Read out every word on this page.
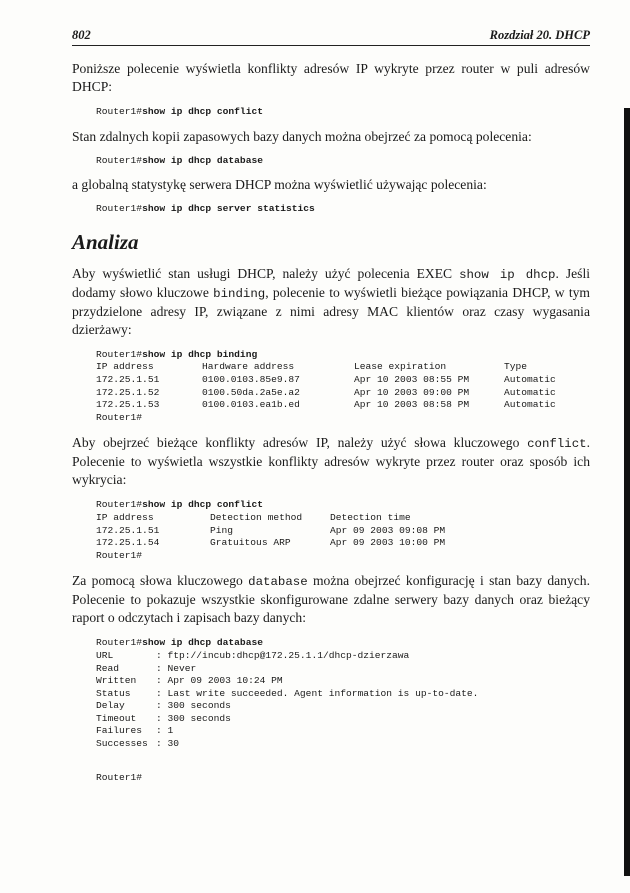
802	Rozdział 20. DHCP

Poniższe polecenie wyświetla konflikty adresów IP wykryte przez router w puli adresów DHCP:

Router1#show ip dhcp conflict

Stan zdalnych kopii zapasowych bazy danych można obejrzeć za pomocą polecenia:

Router1#show ip dhcp database

a globalną statystykę serwera DHCP można wyświetlić używając polecenia:

Router1#show ip dhcp server statistics
Analiza

Aby wyświetlić stan usługi DHCP, należy użyć polecenia EXEC show ip dhcp. Jeśli dodamy słowo kluczowe binding, polecenie to wyświetli bieżące powiązania DHCP, w tym przydzielone adresy IP, związane z nimi adresy MAC klientów oraz czasy wygasania dzierżawy:

Router1#show ip dhcp binding
IP address	Hardware address	Lease expiration	Type
172.25.1.51	0100.0103.85e9.87	Apr 10 2003 08:55 PM	Automatic
172.25.1.52	0100.50da.2a5e.a2	Apr 10 2003 09:00 PM	Automatic
172.25.1.53	0100.0103.ea1b.ed	Apr 10 2003 08:58 PM	Automatic
Router1#

Aby obejrzeć bieżące konflikty adresów IP, należy użyć słowa kluczowego conflict. Polecenie to wyświetla wszystkie konflikty adresów wykryte przez router oraz sposób ich wykrycia:

Router1#show ip dhcp conflict
IP address	Detection method	Detection time
172.25.1.51	Ping	Apr 09 2003 09:08 PM
172.25.1.54	Gratuitous ARP	Apr 09 2003 10:00 PM
Router1#

Za pomocą słowa kluczowego database można obejrzeć konfigurację i stan bazy danych. Polecenie to pokazuje wszystkie skonfigurowane zdalne serwery bazy danych oraz bieżący raport o odczytach i zapisach bazy danych:

Router1#show ip dhcp database
URL	: ftp://incub:dhcp@172.25.1.1/dhcp-dzierzawa
Read	: Never
Written	: Apr 09 2003 10:24 PM
Status	: Last write succeeded. Agent information is up-to-date.
Delay	: 300 seconds
Timeout	: 300 seconds
Failures	: 1
Successes	: 30
Router1#
